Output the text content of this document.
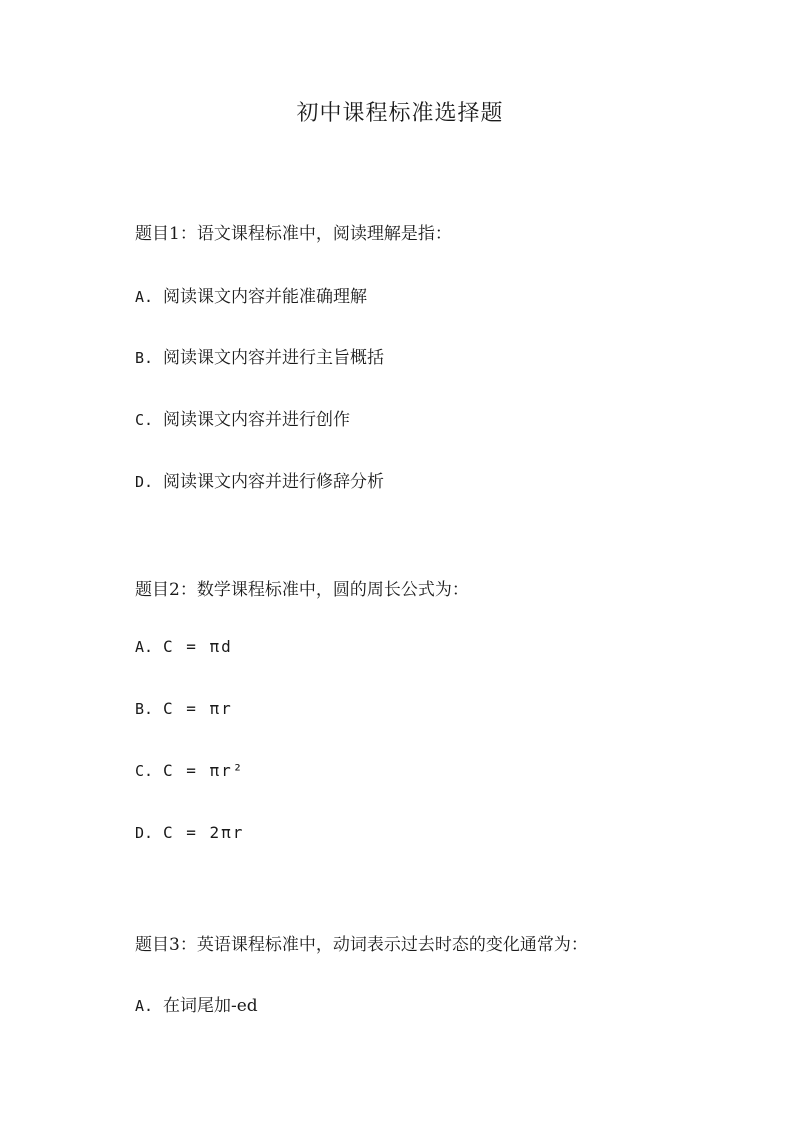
初中课程标准选择题

题目1：语文课程标准中，阅读理解是指：

A. 阅读课文内容并能准确理解

B. 阅读课文内容并进行主旨概括

C. 阅读课文内容并进行创作

D. 阅读课文内容并进行修辞分析

题目2：数学课程标准中，圆的周长公式为：

A. C = πd

B. C = πr

C. C = πr²

D. C = 2πr

题目3：英语课程标准中，动词表示过去时态的变化通常为：

A. 在词尾加-ed
